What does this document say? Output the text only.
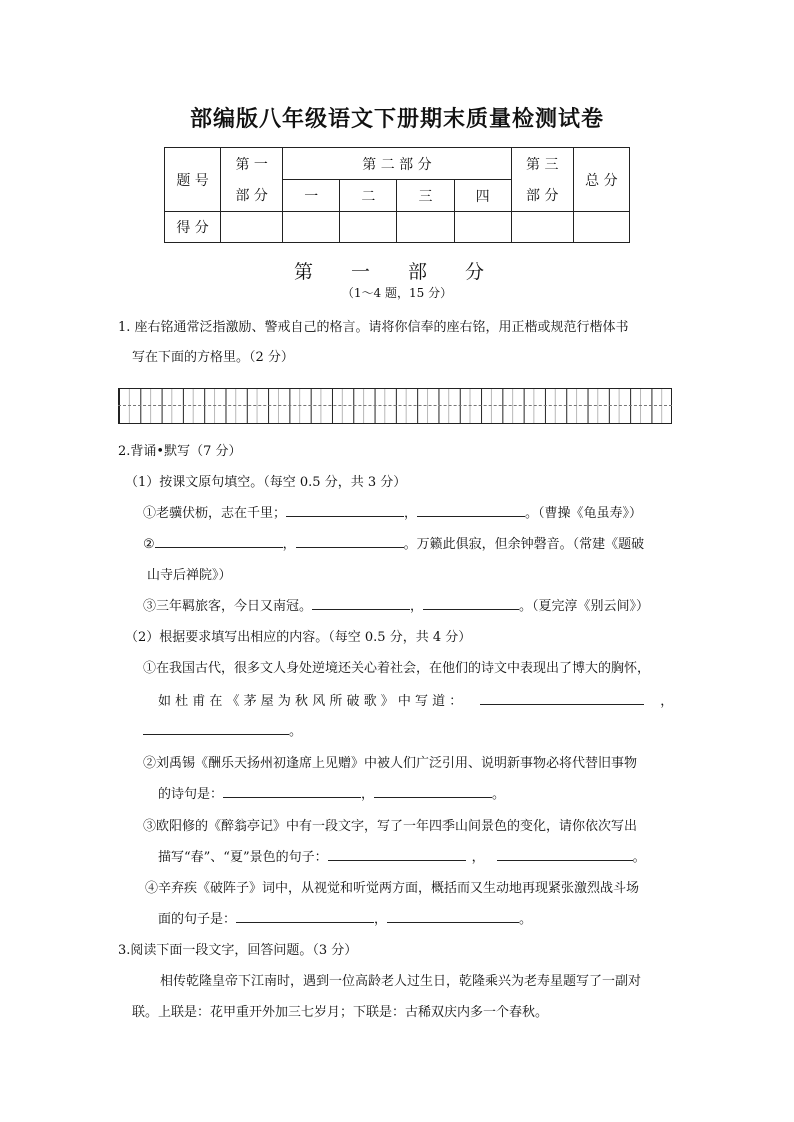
部编版八年级语文下册期末质量检测试卷
题 号	第 一	第 二 部 分				第 三	总 分
	部 分	一	二	三	四	部 分	
得 分							
第 一 部 分
（1～4 题，15 分）
1. 座右铭通常泛指激励、警戒自己的格言。请将你信奉的座右铭，用正楷或规范行楷体书
写在下面的方格里。（2 分）
2.背诵•默写（7 分）
（1）按课文原句填空。（每空 0.5 分，共 3 分）
①老骥伏枥，志在千里；	，	。（曹操《龟虽寿》）
②	，	。万籁此俱寂，但余钟磬音。（常建《题破
山寺后禅院》）
③三年羁旅客，今日又南冠。	，	。（夏完淳《别云间》）
（2）根据要求填写出相应的内容。（每空 0.5 分，共 4 分）
①在我国古代，很多文人身处逆境还关心着社会，在他们的诗文中表现出了博大的胸怀，
如 杜 甫 在 《 茅 屋 为 秋 风 所 破 歌 》 中 写 道 ：	，
。
②刘禹锡《酬乐天扬州初逢席上见赠》中被人们广泛引用、说明新事物必将代替旧事物
的诗句是：	，	。
③欧阳修的《醉翁亭记》中有一段文字，写了一年四季山间景色的变化，请你依次写出
描写“春”、“夏”景色的句子：	，	。
④辛弃疾《破阵子》词中，从视觉和听觉两方面，概括而又生动地再现紧张激烈战斗场
面的句子是：	，	。
3.阅读下面一段文字，回答问题。（3 分）
相传乾隆皇帝下江南时，遇到一位高龄老人过生日，乾隆乘兴为老寿星题写了一副对
联。上联是：花甲重开外加三七岁月；下联是：古稀双庆内多一个春秋。
